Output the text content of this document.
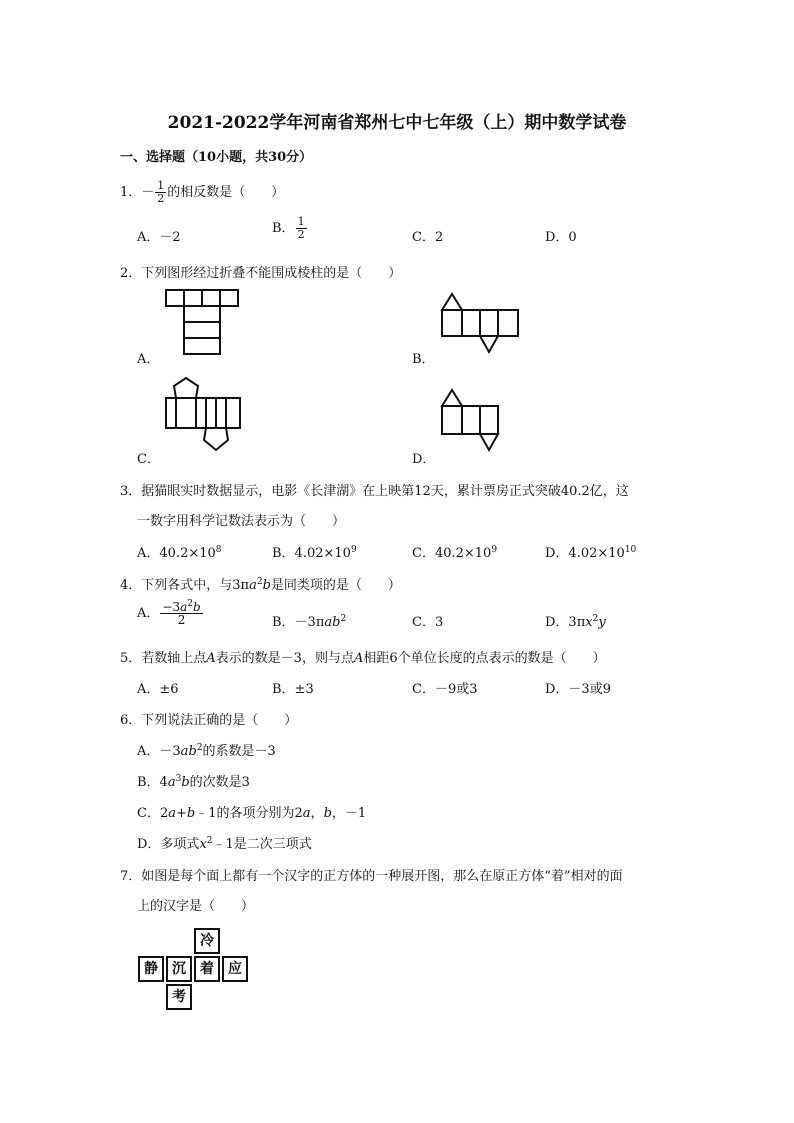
2021-2022学年河南省郑州七中七年级（上）期中数学试卷
一、选择题（10小题，共30分）
1．－ $\frac{1}{2}$ 的相反数是（　　）
A．－2
B． $\frac{1}{2}$	C．2	D．0
2．下列图形经过折叠不能围成棱柱的是（　　）
A．	B．
C．	D．
3．据猫眼实时数据显示，电影《长津湖》在上映第12天，累计票房正式突破40.2亿，这
一数字用科学记数法表示为（　　）
A．$40.2\times 10^8$	B．$4.02\times 10^9$	C．$40.2\times 10^9$	D．$4.02\times 10^{10}$
4．下列各式中，与$3\pi a^2b$是同类项的是（　　）
A． $\frac{-3a^2b}{2}$	B．－3πab$^2$	C．3	D．$3\pi x^2y$
5．若数轴上点A表示的数是－3，则与点A相距6个单位长度的点表示的数是（　　）
A．±6	B．±3	C．－9或3	D．－3或9
6．下列说法正确的是（　　）
A．$-3ab^2$的系数是－3
B．$4a^3b$的次数是3
C．2a+b﹣1的各项分别为2a，b，－1
D．多项式$x^2﹣1$是二次三项式
7．如图是每个面上都有一个汉字的正方体的一种展开图，那么在原正方体“着”相对的面
上的汉字是（　　）
冷
静	沉	着	应
考
